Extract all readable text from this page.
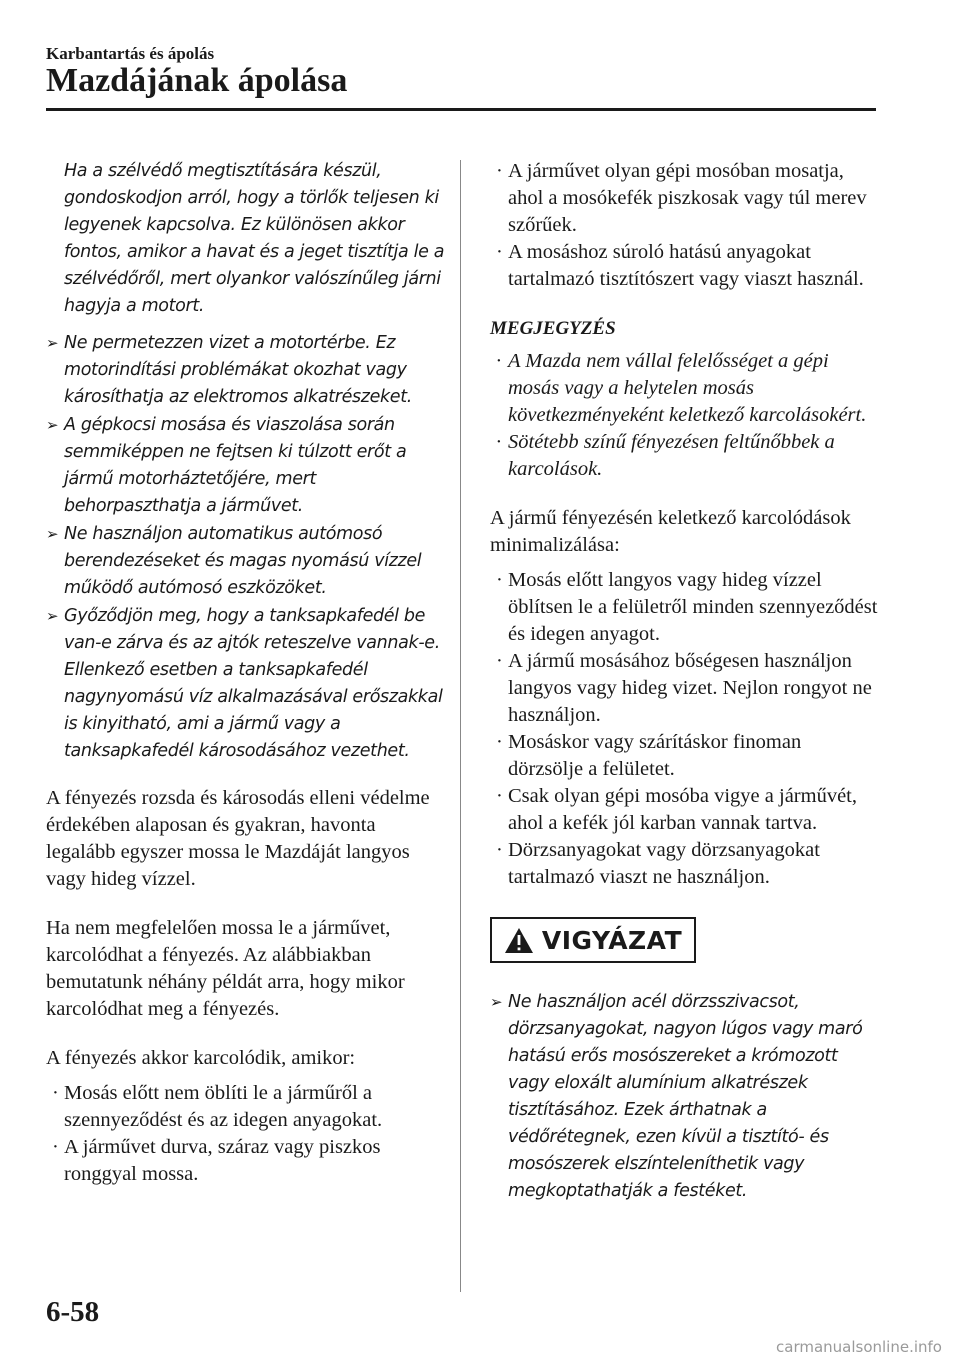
Karbantartás és ápolás
Mazdájának ápolása

Ha a szélvédő megtisztítására készül, gondoskodjon arról, hogy a törlők teljesen ki legyenek kapcsolva. Ez különösen akkor fontos, amikor a havat és a jeget tisztítja le a szélvédőről, mert olyankor valószínűleg járni hagyja a motort.

➢ Ne permetezzen vizet a motortérbe. Ez motorindítási problémákat okozhat vagy károsíthatja az elektromos alkatrészeket.

➢ A gépkocsi mosása és viaszolása során semmiképpen ne fejtsen ki túlzott erőt a jármű motorháztetőjére, mert behorpaszthatja a járművet.

➢ Ne használjon automatikus autómosó berendezéseket és magas nyomású vízzel működő autómosó eszközöket.

➢ Győződjön meg, hogy a tanksapkafedél be van-e zárva és az ajtók reteszelve vannak-e. Ellenkező esetben a tanksapkafedél nagynyomású víz alkalmazásával erőszakkal is kinyitható, ami a jármű vagy a tanksapkafedél károsodásához vezethet.

A fényezés rozsda és károsodás elleni védelme érdekében alaposan és gyakran, havonta legalább egyszer mossa le Mazdáját langyos vagy hideg vízzel.

Ha nem megfelelően mossa le a járművet, karcolódhat a fényezés. Az alábbiakban bemutatunk néhány példát arra, hogy mikor karcolódhat meg a fényezés.

A fényezés akkor karcolódik, amikor:

· Mosás előtt nem öblíti le a járműről a szennyeződést és az idegen anyagokat.

· A járművet durva, száraz vagy piszkos ronggyal mossa.

· A járművet olyan gépi mosóban mosatja, ahol a mosókefék piszkosak vagy túl merev szőrűek.

· A mosáshoz súroló hatású anyagokat tartalmazó tisztítószert vagy viaszt használ.

MEGJEGYZÉS

· A Mazda nem vállal felelősséget a gépi mosás vagy a helytelen mosás következményeként keletkező karcolásokért.

· Sötétebb színű fényezésen feltűnőbbek a karcolások.

A jármű fényezésén keletkező karcolódások minimalizálása:

· Mosás előtt langyos vagy hideg vízzel öblítsen le a felületről minden szennyeződést és idegen anyagot.

· A jármű mosásához bőségesen használjon langyos vagy hideg vizet. Nejlon rongyot ne használjon.

· Mosáskor vagy szárításkor finoman dörzsölje a felületet.

· Csak olyan gépi mosóba vigye a járművét, ahol a kefék jól karban vannak tartva.

· Dörzsanyagokat vagy dörzsanyagokat tartalmazó viaszt ne használjon.

VIGYÁZAT

➢ Ne használjon acél dörzsszivacsot, dörzsanyagokat, nagyon lúgos vagy maró hatású erős mosószereket a krómozott vagy eloxált alumínium alkatrészek tisztításához. Ezek árthatnak a védőrétegnek, ezen kívül a tisztító- és mosószerek elszínteleníthetik vagy megkoptathatják a festéket.

6-58
carmanualsonline.info
